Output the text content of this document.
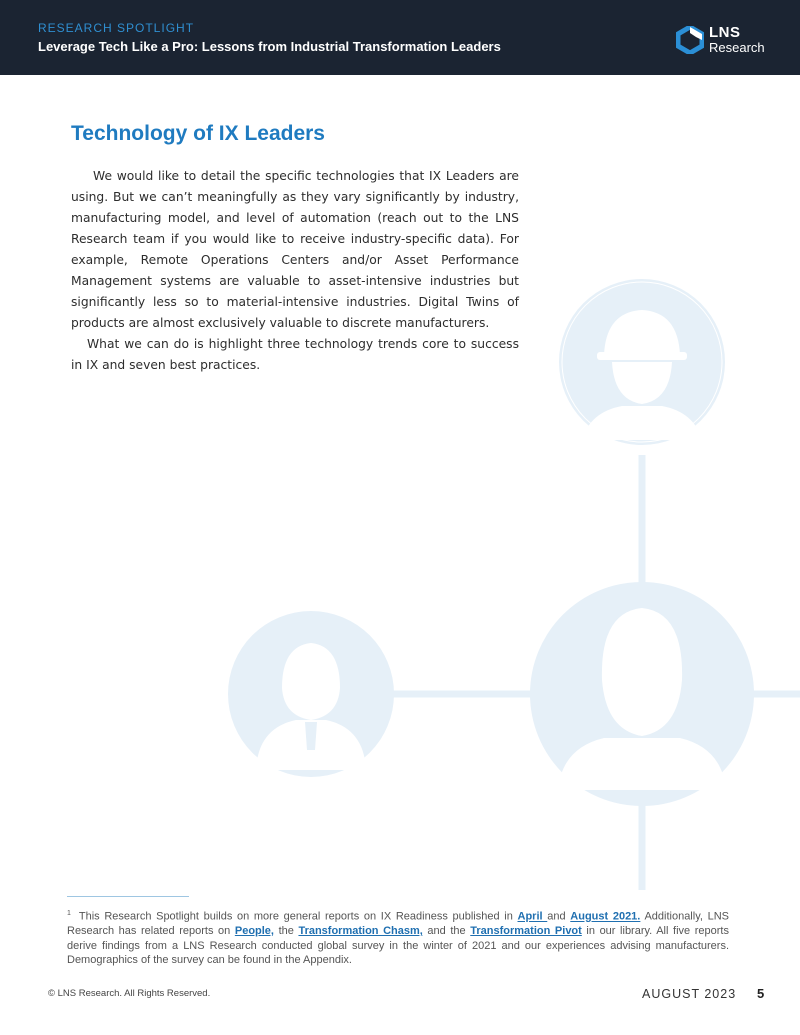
RESEARCH SPOTLIGHT
Leverage Tech Like a Pro: Lessons from Industrial Transformation Leaders
LNS
Research
Technology of IX Leaders

We would like to detail the specific technologies that IX Leaders are using. But we can’t meaningfully as they vary significantly by industry, manufacturing model, and level of automation (reach out to the LNS Research team if you would like to receive industry-specific data). For example, Remote Operations Centers and/or Asset Performance Management systems are valuable to asset-intensive industries but significantly less so to material-intensive industries. Digital Twins of products are almost exclusively valuable to discrete manufacturers.

What we can do is highlight three technology trends core to success in IX and seven best practices.

$^1$ This Research Spotlight builds on more general reports on IX Readiness published in April and August 2021. Additionally, LNS Research has related reports on People, the Transformation Chasm, and the Transformation Pivot in our library. All five reports derive findings from a LNS Research conducted global survey in the winter of 2021 and our experiences advising manufacturers. Demographics of the survey can be found in the Appendix.
© LNS Research. All Rights Reserved.	AUGUST 2023 5
